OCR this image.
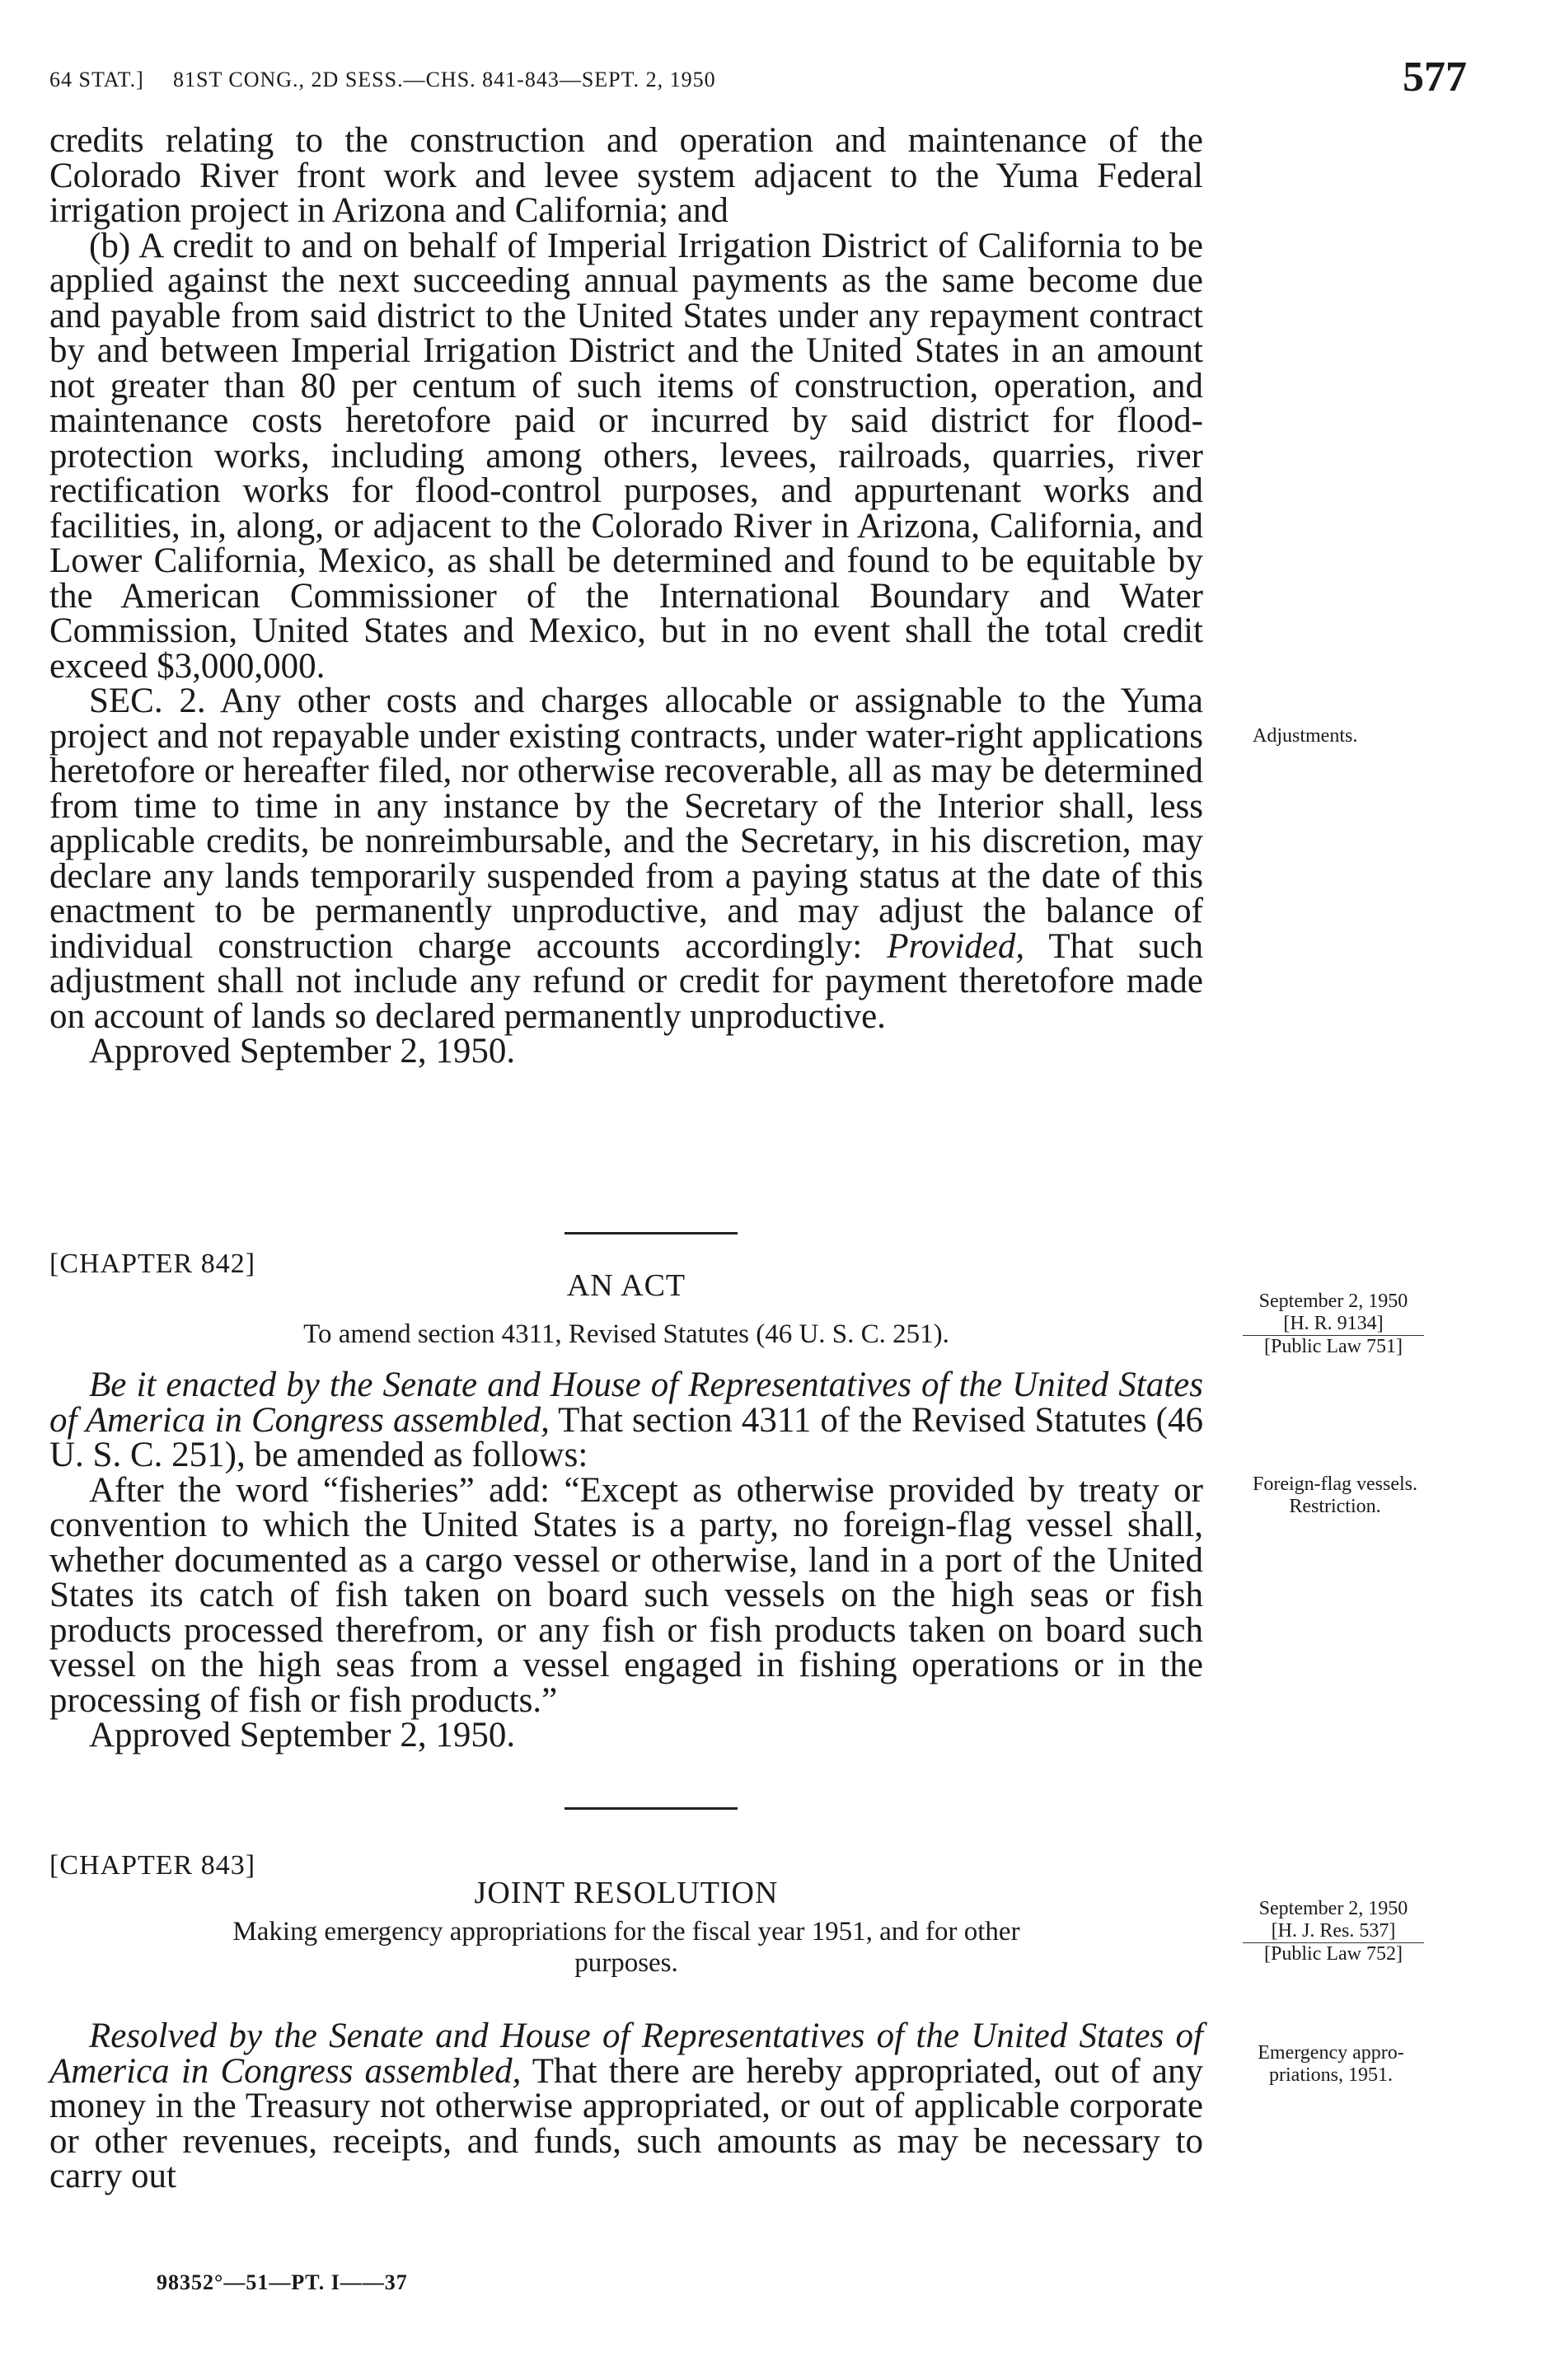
64 STAT.] 81ST CONG., 2D SESS.—CHS. 841-843—SEPT. 2, 1950	577

credits relating to the construction and operation and maintenance of the Colorado River front work and levee system adjacent to the Yuma Federal irrigation project in Arizona and California; and

(b) A credit to and on behalf of Imperial Irrigation District of California to be applied against the next succeeding annual payments as the same become due and payable from said district to the United States under any repayment contract by and between Imperial Irrigation District and the United States in an amount not greater than 80 per centum of such items of construction, operation, and maintenance costs heretofore paid or incurred by said district for flood-protection works, including among others, levees, railroads, quarries, river rectification works for flood-control purposes, and appurtenant works and facilities, in, along, or adjacent to the Colorado River in Arizona, California, and Lower California, Mexico, as shall be determined and found to be equitable by the American Commissioner of the International Boundary and Water Commission, United States and Mexico, but in no event shall the total credit exceed $3,000,000.

SEC. 2. Any other costs and charges allocable or assignable to the Yuma project and not repayable under existing contracts, under water-right applications heretofore or hereafter filed, nor otherwise recoverable, all as may be determined from time to time in any instance by the Secretary of the Interior shall, less applicable credits, be nonreimbursable, and the Secretary, in his discretion, may declare any lands temporarily suspended from a paying status at the date of this enactment to be permanently unproductive, and may adjust the balance of individual construction charge accounts accordingly: Provided, That such adjustment shall not include any refund or credit for payment theretofore made on account of lands so declared permanently unproductive.

Approved September 2, 1950.

Adjustments.
[CHAPTER 842]
AN ACT
To amend section 4311, Revised Statutes (46 U. S. C. 251).
September 2, 1950
[H. R. 9134]
[Public Law 751]

Be it enacted by the Senate and House of Representatives of the United States of America in Congress assembled, That section 4311 of the Revised Statutes (46 U. S. C. 251), be amended as follows:

After the word “fisheries” add: “Except as otherwise provided by treaty or convention to which the United States is a party, no foreign-flag vessel shall, whether documented as a cargo vessel or otherwise, land in a port of the United States its catch of fish taken on board such vessels on the high seas or fish products processed therefrom, or any fish or fish products taken on board such vessel on the high seas from a vessel engaged in fishing operations or in the processing of fish or fish products.”

Approved September 2, 1950.

Foreign-flag vessels.
Restriction.
[CHAPTER 843]
JOINT RESOLUTION
Making emergency appropriations for the fiscal year 1951, and for other
purposes.
September 2, 1950
[H. J. Res. 537]
[Public Law 752]

Resolved by the Senate and House of Representatives of the United States of America in Congress assembled, That there are hereby appropriated, out of any money in the Treasury not otherwise appropriated, or out of applicable corporate or other revenues, receipts, and funds, such amounts as may be necessary to carry out

Emergency appro-
priations, 1951.
98352°—51—PT. I——37
